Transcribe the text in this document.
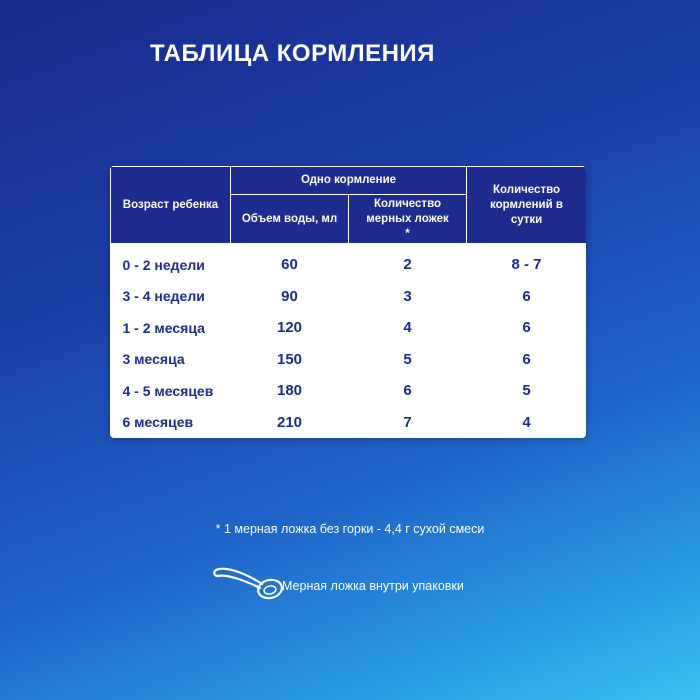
ТАБЛИЦА КОРМЛЕНИЯ
Возраст ребенка	Одно кормление		Количество кормлений в сутки

	Объем воды, мл	Количество мерных ложек *	

0 - 2 недели	60	2	8 - 7
3 - 4 недели	90	3	6
1 - 2 месяца	120	4	6
3 месяца	150	5	6
4 - 5 месяцев	180	6	5
6 месяцев	210	7	4
* 1 мерная ложка без горки - 4,4 г сухой смеси
Мерная ложка внутри упаковки
